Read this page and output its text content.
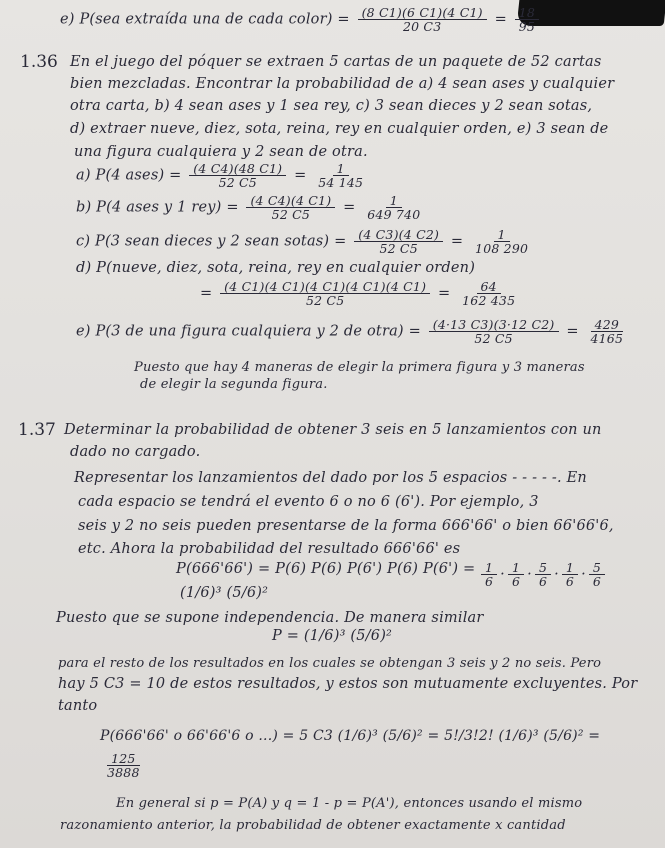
e) P(sea extraída una de cada color) = $\frac{(8 C1)(6 C1)(4 C1)}{20 C3} = \frac{18}{95}$
1.36 En el juego del póquer se extraen 5 cartas de un paquete de 52 cartas
bien mezcladas. Encontrar la probabilidad de a) 4 sean ases y cualquier
otra carta, b) 4 sean ases y 1 sea rey, c) 3 sean dieces y 2 sean sotas,
d) extraer nueve, diez, sota, reina, rey en cualquier orden, e) 3 sean de
una figura cualquiera y 2 sean de otra.
a) P(4 ases) = $\frac{(4 C4)(48 C1)}{52 C5} = \frac{1}{54 145}$
b) P(4 ases y 1 $rey) = \frac{(4 C4)(4 C1)}{52 C5} = \frac{1}{649 740}$
c) P(3 sean dieces y 2 sean sotas) = $\frac{(4 C3)(4 C2)}{52 C5} = \frac{1}{108 290}$
d) P(nueve, diez, sota, reina, rey en cualquier orden)
= $\frac{(4 C1)(4 C1)(4 C1)(4 C1)(4 C1)}{52 C5} = \frac{64}{162 435}$
e) P(3 de una figura cualquiera y 2 de otra) = $\frac{(4\cdot 13 C3)(3\cdot 12 C2)}{52 C5} = \frac{429}{4165}$
Puesto que hay 4 maneras de elegir la primera figura y 3 maneras
de elegir la segunda figura.
1.37 Determinar la probabilidad de obtener 3 seis en 5 lanzamientos con un
dado no cargado.
Representar los lanzamientos del dado por los 5 espacios - - - - -. En
cada espacio se tendrá el evento 6 o no 6 (6'). Por ejemplo, 3
seis y 2 no seis pueden presentarse de la forma 666'66' o bien 66'66'6,
etc. Ahora la probabilidad del resultado 666'66' es
P(666'66') = P(6) P(6) P(6') P(6) $P(6') = \frac{1}{6} \cdot \frac{1}{6} \cdot \frac{5}{6} \cdot \frac{1}{6} \cdot \frac{5}{6}$
(1/6)³ (5/6)²
Puesto que se supone independencia. De manera similar
P = (1/6)³ (5/6)²
para el resto de los resultados en los cuales se obtengan 3 seis y 2 no seis. Pero
hay 5 C3 = 10 de estos resultados, y estos son mutuamente excluyentes. Por
tanto
P(666'66' o 66'66'6 o ...) = 5 C3 (1/6)³ (5/6)² = 5!/3!2! (1/6)³ (5/6)² =
$\frac{125}{3888}$
En general si p = P(A) y q = 1 - p = P(A'), entonces usando el mismo
razonamiento anterior, la probabilidad de obtener exactamente x cantidad
